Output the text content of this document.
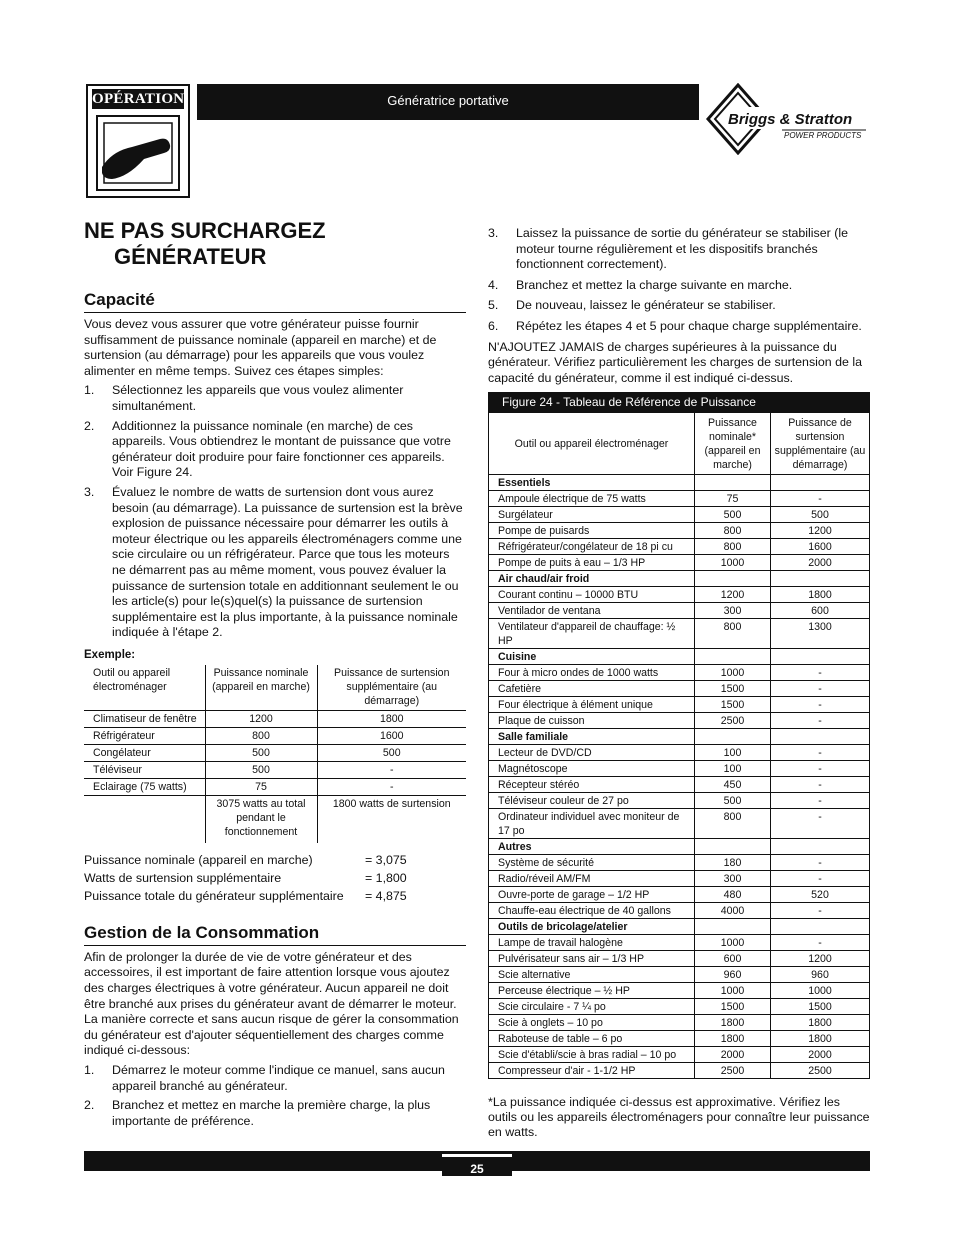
OPÉRATION	Génératrice portative
Briggs & Stratton
POWER PRODUCTS
NE PAS SURCHARGEZ GÉNÉRATEUR
Capacité

Vous devez vous assurer que votre générateur puisse fournir suffisamment de puissance nominale (appareil en marche) et de surtension (au démarrage) pour les appareils que vous voulez alimenter en même temps. Suivez ces étapes simples:

1. Sélectionnez les appareils que vous voulez alimenter simultanément.
2. Additionnez la puissance nominale (en marche) de ces appareils. Vous obtiendrez le montant de puissance que votre générateur doit produire pour faire fonctionner ces appareils. Voir Figure 24.
3. Évaluez le nombre de watts de surtension dont vous aurez besoin (au démarrage). La puissance de surtension est la brève explosion de puissance nécessaire pour démarrer les outils à moteur électrique ou les appareils électroménagers comme une scie circulaire ou un réfrigérateur. Parce que tous les moteurs ne démarrent pas au même moment, vous pouvez évaluer la puissance de surtension totale en additionnant seulement le ou les article(s) pour le(s)quel(s) la puissance de surtension supplémentaire est la plus importante, à la puissance nominale indiquée à l'étape 2.
Exemple:
Outil ou appareil électroménager	Puissance nominale (appareil en marche)	Puissance de surtension supplémentaire (au démarrage)
Climatiseur de fenêtre	1200	1800
Réfrigérateur	800	1600
Congélateur	500	500
Téléviseur	500	-
Eclairage (75 watts)	75	-
	3075 watts au total pendant le fonctionnement	1800 watts de surtension
Puissance nominale (appareil en marche)	= 3,075
Watts de surtension supplémentaire	= 1,800
Puissance totale du générateur supplémentaire	= 4,875
Gestion de la Consommation

Afin de prolonger la durée de vie de votre générateur et des accessoires, il est important de faire attention lorsque vous ajoutez des charges électriques à votre générateur. Aucun appareil ne doit être branché aux prises du générateur avant de démarrer le moteur. La manière correcte et sans aucun risque de gérer la consommation du générateur est d'ajouter séquentiellement des charges comme indiqué ci-dessous:

1. Démarrez le moteur comme l'indique ce manuel, sans aucun appareil branché au générateur.
2. Branchez et mettez en marche la première charge, la plus importante de préférence.
3. Laissez la puissance de sortie du générateur se stabiliser (le moteur tourne régulièrement et les dispositifs branchés fonctionnent correctement).
4. Branchez et mettez la charge suivante en marche.
5. De nouveau, laissez le générateur se stabiliser.
6. Répétez les étapes 4 et 5 pour chaque charge supplémentaire.

N'AJOUTEZ JAMAIS de charges supérieures à la puissance du générateur. Vérifiez particulièrement les charges de surtension de la capacité du générateur, comme il est indiqué ci-dessus.

Figure 24 - Tableau de Référence de Puissance
Outil ou appareil électroménager	Puissance nominale* (appareil en marche)	Puissance de surtension supplémentaire (au démarrage)
Essentiels		
Ampoule électrique de 75 watts	75	-
Surgélateur	500	500
Pompe de puisards	800	1200
Réfrigérateur/congélateur de 18 pi cu	800	1600
Pompe de puits à eau – 1/3 HP	1000	2000
Air chaud/air froid		
Courant continu – 10000 BTU	1200	1800
Ventilador de ventana	300	600
Ventilateur d'appareil de chauffage: ½ HP	800	1300
Cuisine		
Four à micro ondes de 1000 watts	1000	-
Cafetière	1500	-
Four électrique à élément unique	1500	-
Plaque de cuisson	2500	-
Salle familiale		
Lecteur de DVD/CD	100	-
Magnétoscope	100	-
Récepteur stéréo	450	-
Téléviseur couleur de 27 po	500	-
Ordinateur individuel avec moniteur de 17 po	800	-
Autres		
Système de sécurité	180	-
Radio/réveil AM/FM	300	-
Ouvre-porte de garage – 1/2 HP	480	520
Chauffe-eau électrique de 40 gallons	4000	-
Outils de bricolage/atelier		
Lampe de travail halogène	1000	-
Pulvérisateur sans air – 1/3 HP	600	1200
Scie alternative	960	960
Perceuse électrique – ½ HP	1000	1000
Scie circulaire - 7 ¼ po	1500	1500
Scie à onglets – 10 po	1800	1800
Raboteuse de table – 6 po	1800	1800
Scie d'établi/scie à bras radial – 10 po	2000	2000
Compresseur d'air - 1-1/2 HP	2500	2500

*La puissance indiquée ci-dessus est approximative. Vérifiez les outils ou les appareils électroménagers pour connaître leur puissance en watts.

25
